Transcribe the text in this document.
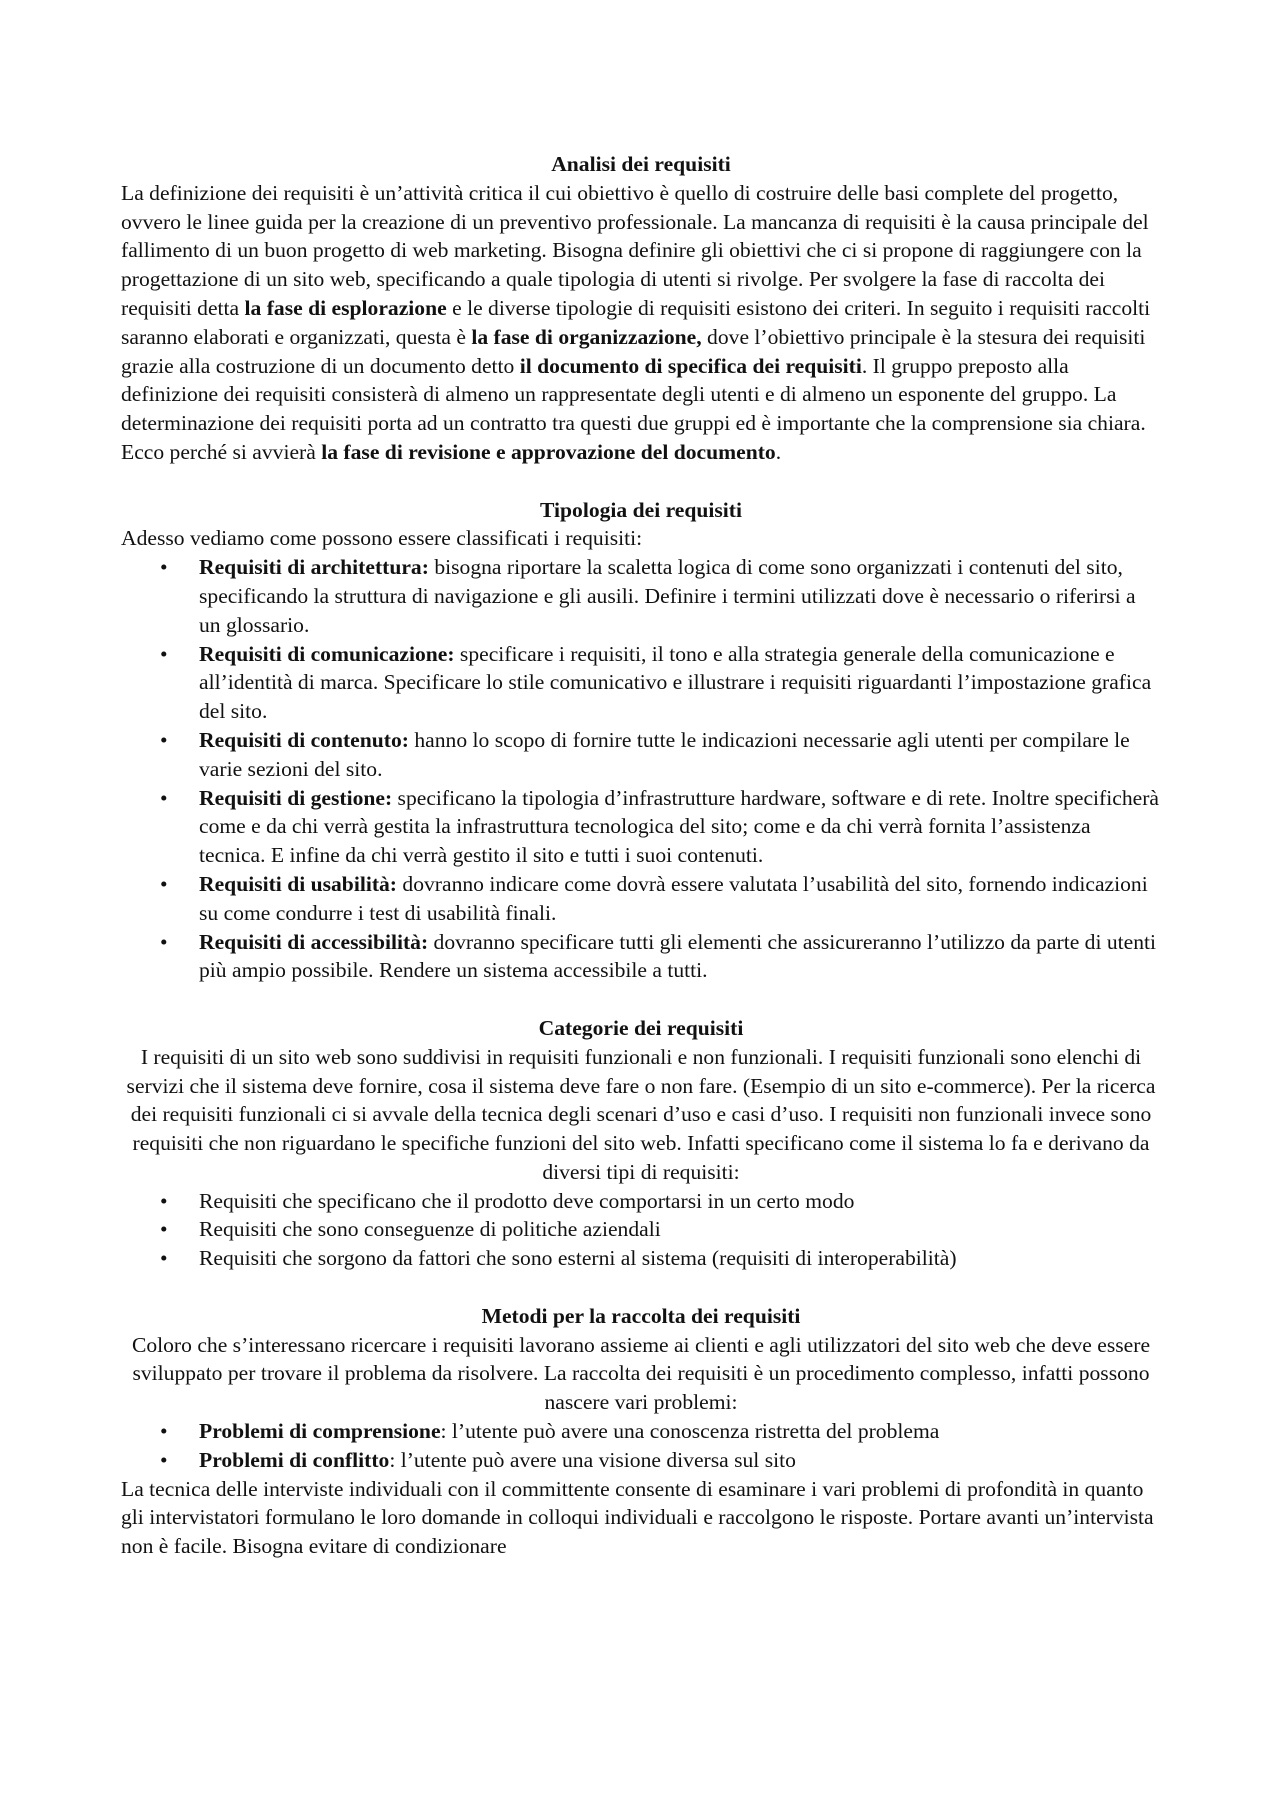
Analisi dei requisiti

La definizione dei requisiti è un’attività critica il cui obiettivo è quello di costruire delle basi complete del progetto, ovvero le linee guida per la creazione di un preventivo professionale. La mancanza di requisiti è la causa principale del fallimento di un buon progetto di web marketing. Bisogna definire gli obiettivi che ci si propone di raggiungere con la progettazione di un sito web, specificando a quale tipologia di utenti si rivolge. Per svolgere la fase di raccolta dei requisiti detta la fase di esplorazione e le diverse tipologie di requisiti esistono dei criteri. In seguito i requisiti raccolti saranno elaborati e organizzati, questa è la fase di organizzazione, dove l’obiettivo principale è la stesura dei requisiti grazie alla costruzione di un documento detto il documento di specifica dei requisiti. Il gruppo preposto alla definizione dei requisiti consisterà di almeno un rappresentate degli utenti e di almeno un esponente del gruppo. La determinazione dei requisiti porta ad un contratto tra questi due gruppi ed è importante che la comprensione sia chiara. Ecco perché si avvierà la fase di revisione e approvazione del documento.

Tipologia dei requisiti

Adesso vediamo come possono essere classificati i requisiti:

• Requisiti di architettura: bisogna riportare la scaletta logica di come sono organizzati i contenuti del sito, specificando la struttura di navigazione e gli ausili. Definire i termini utilizzati dove è necessario o riferirsi a un glossario.
• Requisiti di comunicazione: specificare i requisiti, il tono e alla strategia generale della comunicazione e all’identità di marca. Specificare lo stile comunicativo e illustrare i requisiti riguardanti l’impostazione grafica del sito.
• Requisiti di contenuto: hanno lo scopo di fornire tutte le indicazioni necessarie agli utenti per compilare le varie sezioni del sito.
• Requisiti di gestione: specificano la tipologia d’infrastrutture hardware, software e di rete. Inoltre specificherà come e da chi verrà gestita la infrastruttura tecnologica del sito; come e da chi verrà fornita l’assistenza tecnica. E infine da chi verrà gestito il sito e tutti i suoi contenuti.
• Requisiti di usabilità: dovranno indicare come dovrà essere valutata l’usabilità del sito, fornendo indicazioni su come condurre i test di usabilità finali.
• Requisiti di accessibilità: dovranno specificare tutti gli elementi che assicureranno l’utilizzo da parte di utenti più ampio possibile. Rendere un sistema accessibile a tutti.
Categorie dei requisiti

I requisiti di un sito web sono suddivisi in requisiti funzionali e non funzionali. I requisiti funzionali sono elenchi di servizi che il sistema deve fornire, cosa il sistema deve fare o non fare. (Esempio di un sito e-commerce). Per la ricerca dei requisiti funzionali ci si avvale della tecnica degli scenari d’uso e casi d’uso. I requisiti non funzionali invece sono requisiti che non riguardano le specifiche funzioni del sito web. Infatti specificano come il sistema lo fa e derivano da diversi tipi di requisiti:

• Requisiti che specificano che il prodotto deve comportarsi in un certo modo
• Requisiti che sono conseguenze di politiche aziendali
• Requisiti che sorgono da fattori che sono esterni al sistema (requisiti di interoperabilità)
Metodi per la raccolta dei requisiti

Coloro che s’interessano ricercare i requisiti lavorano assieme ai clienti e agli utilizzatori del sito web che deve essere sviluppato per trovare il problema da risolvere. La raccolta dei requisiti è un procedimento complesso, infatti possono nascere vari problemi:

• Problemi di comprensione: l’utente può avere una conoscenza ristretta del problema
• Problemi di conflitto: l’utente può avere una visione diversa sul sito

La tecnica delle interviste individuali con il committente consente di esaminare i vari problemi di profondità in quanto gli intervistatori formulano le loro domande in colloqui individuali e raccolgono le risposte. Portare avanti un’intervista non è facile. Bisogna evitare di condizionare
